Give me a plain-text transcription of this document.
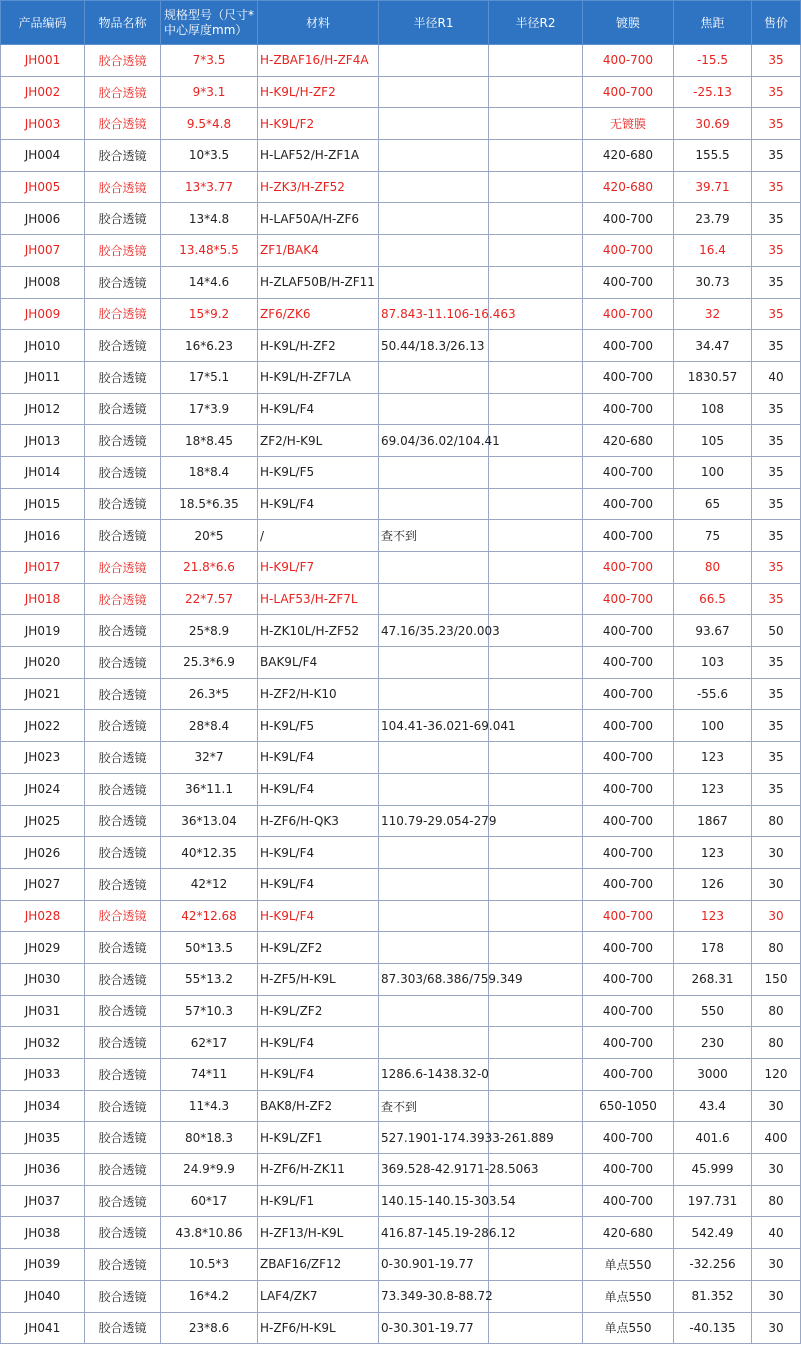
产品编码	物品名称	规格型号（尺寸*中心厚度mm）	材料	半径R1	半径R2	镀膜	焦距	售价
JH001	胶合透镜	7*3.5	H-ZBAF16/H-ZF4A			400-700	-15.5	35
JH002	胶合透镜	9*3.1	H-K9L/H-ZF2			400-700	-25.13	35
JH003	胶合透镜	9.5*4.8	H-K9L/F2			无镀膜	30.69	35
JH004	胶合透镜	10*3.5	H-LAF52/H-ZF1A			420-680	155.5	35
JH005	胶合透镜	13*3.77	H-ZK3/H-ZF52			420-680	39.71	35
JH006	胶合透镜	13*4.8	H-LAF50A/H-ZF6			400-700	23.79	35
JH007	胶合透镜	13.48*5.5	ZF1/BAK4			400-700	16.4	35
JH008	胶合透镜	14*4.6	H-ZLAF50B/H-ZF11			400-700	30.73	35
JH009	胶合透镜	15*9.2	ZF6/ZK6	87.843-11.106-16.463		400-700	32	35
JH010	胶合透镜	16*6.23	H-K9L/H-ZF2	50.44/18.3/26.13		400-700	34.47	35
JH011	胶合透镜	17*5.1	H-K9L/H-ZF7LA			400-700	1830.57	40
JH012	胶合透镜	17*3.9	H-K9L/F4			400-700	108	35
JH013	胶合透镜	18*8.45	ZF2/H-K9L	69.04/36.02/104.41		420-680	105	35
JH014	胶合透镜	18*8.4	H-K9L/F5			400-700	100	35
JH015	胶合透镜	18.5*6.35	H-K9L/F4			400-700	65	35
JH016	胶合透镜	20*5	/	查不到		400-700	75	35
JH017	胶合透镜	21.8*6.6	H-K9L/F7			400-700	80	35
JH018	胶合透镜	22*7.57	H-LAF53/H-ZF7L			400-700	66.5	35
JH019	胶合透镜	25*8.9	H-ZK10L/H-ZF52	47.16/35.23/20.003		400-700	93.67	50
JH020	胶合透镜	25.3*6.9	BAK9L/F4			400-700	103	35
JH021	胶合透镜	26.3*5	H-ZF2/H-K10			400-700	-55.6	35
JH022	胶合透镜	28*8.4	H-K9L/F5	104.41-36.021-69.041		400-700	100	35
JH023	胶合透镜	32*7	H-K9L/F4			400-700	123	35
JH024	胶合透镜	36*11.1	H-K9L/F4			400-700	123	35
JH025	胶合透镜	36*13.04	H-ZF6/H-QK3	110.79-29.054-279		400-700	1867	80
JH026	胶合透镜	40*12.35	H-K9L/F4			400-700	123	30
JH027	胶合透镜	42*12	H-K9L/F4			400-700	126	30
JH028	胶合透镜	42*12.68	H-K9L/F4			400-700	123	30
JH029	胶合透镜	50*13.5	H-K9L/ZF2			400-700	178	80
JH030	胶合透镜	55*13.2	H-ZF5/H-K9L	87.303/68.386/759.349		400-700	268.31	150
JH031	胶合透镜	57*10.3	H-K9L/ZF2			400-700	550	80
JH032	胶合透镜	62*17	H-K9L/F4			400-700	230	80
JH033	胶合透镜	74*11	H-K9L/F4	1286.6-1438.32-0		400-700	3000	120
JH034	胶合透镜	11*4.3	BAK8/H-ZF2	查不到		650-1050	43.4	30
JH035	胶合透镜	80*18.3	H-K9L/ZF1	527.1901-174.3933-261.889		400-700	401.6	400
JH036	胶合透镜	24.9*9.9	H-ZF6/H-ZK11	369.528-42.9171-28.5063		400-700	45.999	30
JH037	胶合透镜	60*17	H-K9L/F1	140.15-140.15-303.54		400-700	197.731	80
JH038	胶合透镜	43.8*10.86	H-ZF13/H-K9L	416.87-145.19-286.12		420-680	542.49	40
JH039	胶合透镜	10.5*3	ZBAF16/ZF12	0-30.901-19.77		单点550	-32.256	30
JH040	胶合透镜	16*4.2	LAF4/ZK7	73.349-30.8-88.72		单点550	81.352	30
JH041	胶合透镜	23*8.6	H-ZF6/H-K9L	0-30.301-19.77		单点550	-40.135	30
